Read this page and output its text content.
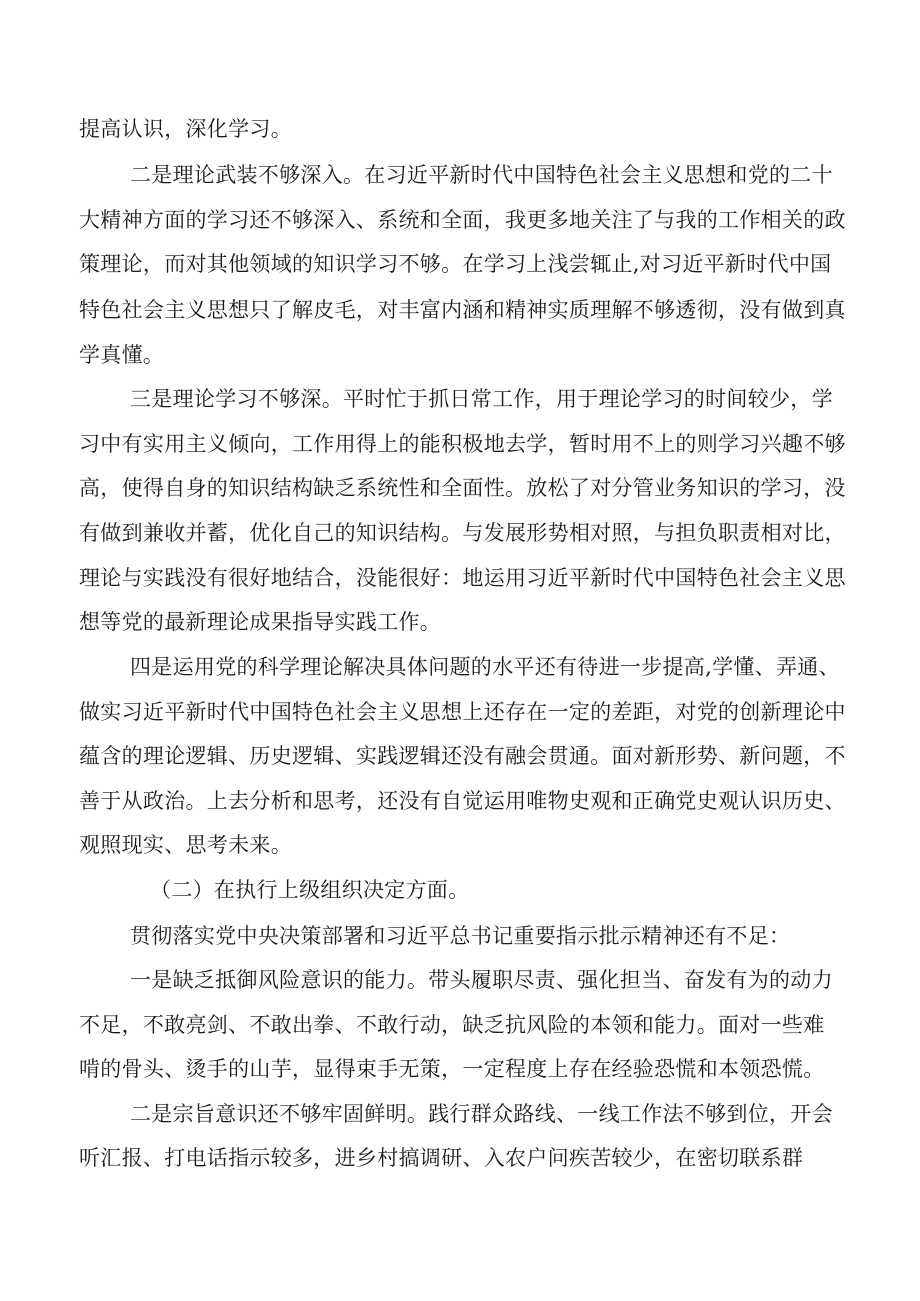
提高认识，深化学习。
二是理论武装不够深入。在习近平新时代中国特色社会主义思想和党的二十
大精神方面的学习还不够深入、系统和全面，我更多地关注了与我的工作相关的政
策理论，而对其他领域的知识学习不够。在学习上浅尝辄止,对习近平新时代中国
特色社会主义思想只了解皮毛，对丰富内涵和精神实质理解不够透彻，没有做到真
学真懂。
三是理论学习不够深。平时忙于抓日常工作，用于理论学习的时间较少，学
习中有实用主义倾向，工作用得上的能积极地去学，暂时用不上的则学习兴趣不够
高，使得自身的知识结构缺乏系统性和全面性。放松了对分管业务知识的学习，没
有做到兼收并蓄，优化自己的知识结构。与发展形势相对照，与担负职责相对比，
理论与实践没有很好地结合，没能很好：地运用习近平新时代中国特色社会主义思
想等党的最新理论成果指导实践工作。
四是运用党的科学理论解决具体问题的水平还有待进一步提高,学懂、弄通、
做实习近平新时代中国特色社会主义思想上还存在一定的差距，对党的创新理论中
蕴含的理论逻辑、历史逻辑、实践逻辑还没有融会贯通。面对新形势、新问题，不
善于从政治。上去分析和思考，还没有自觉运用唯物史观和正确党史观认识历史、
观照现实、思考未来。
（二）在执行上级组织决定方面。
贯彻落实党中央决策部署和习近平总书记重要指示批示精神还有不足：
一是缺乏抵御风险意识的能力。带头履职尽责、强化担当、奋发有为的动力
不足，不敢亮剑、不敢出拳、不敢行动，缺乏抗风险的本领和能力。面对一些难
啃的骨头、烫手的山芋，显得束手无策，一定程度上存在经验恐慌和本领恐慌。
二是宗旨意识还不够牢固鲜明。践行群众路线、一线工作法不够到位，开会
听汇报、打电话指示较多，进乡村搞调研、入农户问疾苦较少，在密切联系群
